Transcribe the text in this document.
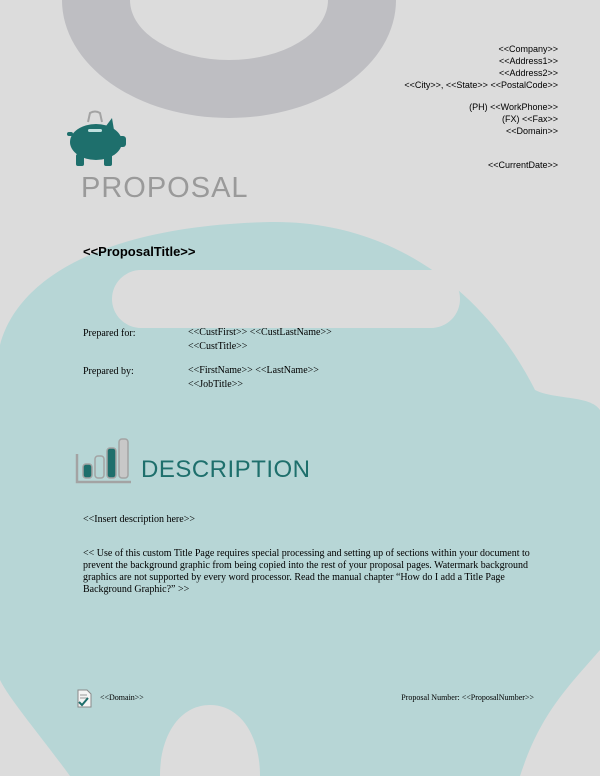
<<Company>>
<<Address1>>
<<Address2>>
<<City>>, <<State>> <<PostalCode>>
(PH) <<WorkPhone>>
(FX) <<Fax>>
<<Domain>>
<<CurrentDate>>
PROPOSAL
<<ProposalTitle>>
Prepared for:	<<CustFirst>> <<CustLastName>>
<<CustTitle>>
Prepared by:	<<FirstName>> <<LastName>>
<<JobTitle>>
DESCRIPTION
<<Insert description here>>
<< Use of this custom Title Page requires special processing and setting up of sections within your document to prevent the background graphic from being copied into the rest of your proposal pages. Watermark background graphics are not supported by every word processor. Read the manual chapter “How do I add a Title Page Background Graphic?” >>
<<Domain>>	Proposal Number: <<ProposalNumber>>
